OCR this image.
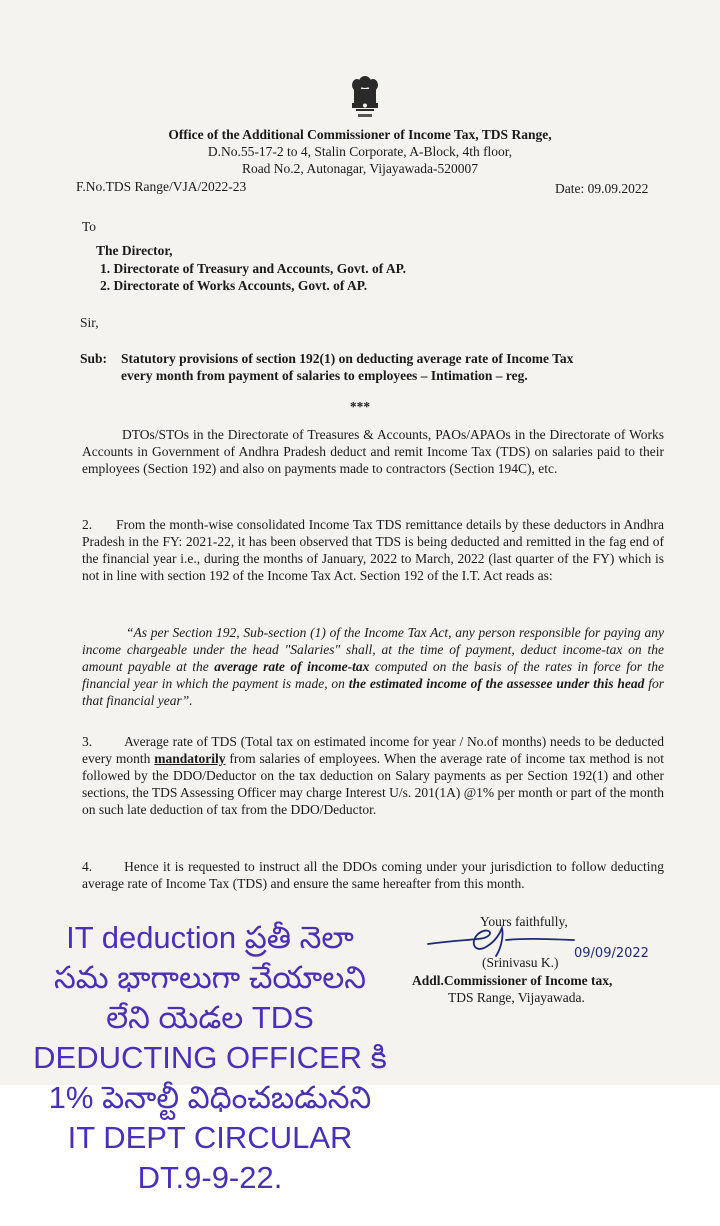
Office of the Additional Commissioner of Income Tax, TDS Range,
D.No.55-17-2 to 4, Stalin Corporate, A-Block, 4th floor,
Road No.2, Autonagar, Vijayawada-520007
F.No.TDS Range/VJA/2022-23	Date: 09.09.2022
To
The Director,
1. Directorate of Treasury and Accounts, Govt. of AP.
2. Directorate of Works Accounts, Govt. of AP.
Sir,
Sub: Statutory provisions of section 192(1) on deducting average rate of Income Tax
every month from payment of salaries to employees – Intimation – reg.
***
DTOs/STOs in the Directorate of Treasures & Accounts, PAOs/APAOs in the Directorate of Works Accounts in Government of Andhra Pradesh deduct and remit Income Tax (TDS) on salaries paid to their employees (Section 192) and also on payments made to contractors (Section 194C), etc.
2. From the month-wise consolidated Income Tax TDS remittance details by these deductors in Andhra Pradesh in the FY: 2021-22, it has been observed that TDS is being deducted and remitted in the fag end of the financial year i.e., during the months of January, 2022 to March, 2022 (last quarter of the FY) which is not in line with section 192 of the Income Tax Act. Section 192 of the I.T. Act reads as:
“As per Section 192, Sub-section (1) of the Income Tax Act, any person responsible for paying any income chargeable under the head "Salaries" shall, at the time of payment, deduct income-tax on the amount payable at the average rate of income-tax computed on the basis of the rates in force for the financial year in which the payment is made, on the estimated income of the assessee under this head for that financial year”.
3. Average rate of TDS (Total tax on estimated income for year / No.of months) needs to be deducted every month mandatorily from salaries of employees. When the average rate of income tax method is not followed by the DDO/Deductor on the tax deduction on Salary payments as per Section 192(1) and other sections, the TDS Assessing Officer may charge Interest U/s. 201(1A) @1% per month or part of the month on such late deduction of tax from the DDO/Deductor.
4. Hence it is requested to instruct all the DDOs coming under your jurisdiction to follow deducting average rate of Income Tax (TDS) and ensure the same hereafter from this month.
Yours faithfully,
09/09/2022
(Srinivasu K.)
Addl.Commissioner of Income tax,
TDS Range, Vijayawada.
IT deduction ప్రతీ నెలా
సమ భాగాలుగా చేయాలని
లేని యెడల TDS
DEDUCTING OFFICER కి
1% పెనాల్టీ విధించబడునని
IT DEPT CIRCULAR
DT.9-9-22.
